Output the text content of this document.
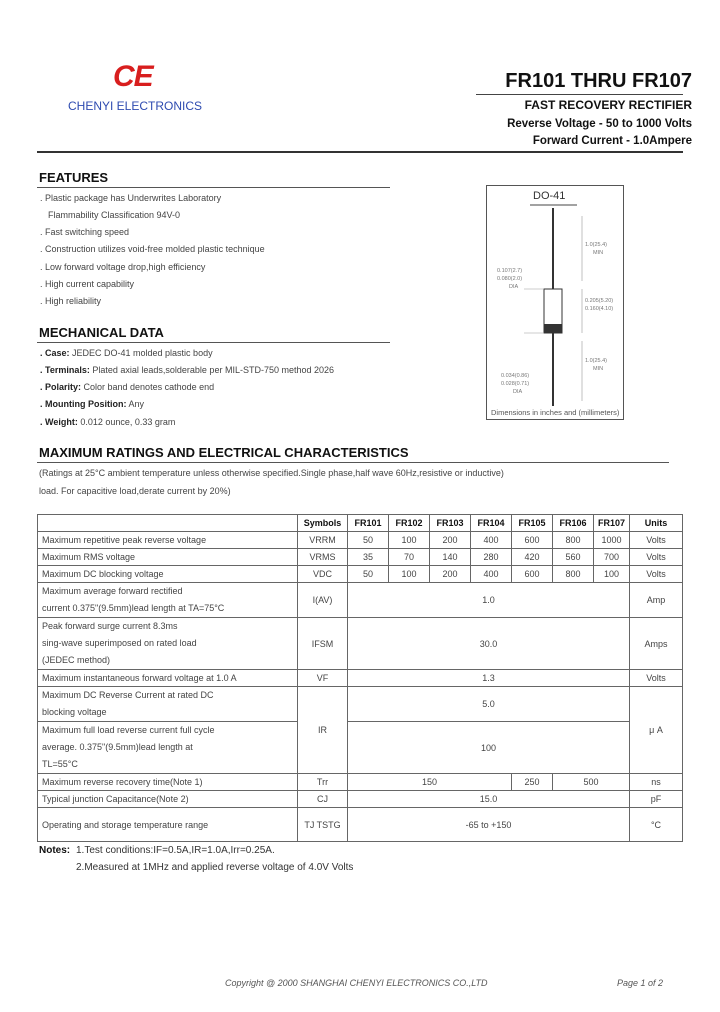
CE
CHENYI ELECTRONICS
FR101 THRU FR107
FAST RECOVERY RECTIFIER
Reverse Voltage - 50 to 1000 Volts
Forward Current - 1.0Ampere
FEATURES
. Plastic package has Underwrites Laboratory
Flammability Classification 94V-0
. Fast switching speed
. Construction utilizes void-free molded plastic technique
. Low forward voltage drop,high efficiency
. High current capability
. High reliability
MECHANICAL DATA
. Case: JEDEC DO-41 molded plastic body
. Terminals: Plated axial leads,solderable per MIL-STD-750 method 2026
. Polarity: Color band denotes cathode end
. Mounting Position: Any
. Weight: 0.012 ounce, 0.33 gram
DO-41
1.0(25.4)
MIN
0.107(2.7)
0.080(2.0)
DIA
0.205(5.20)
0.160(4.10)
1.0(25.4)
MIN
0.034(0.86)
0.028(0.71)
DIA
Dimensions in inches and (millimeters)
MAXIMUM RATINGS AND ELECTRICAL CHARACTERISTICS
(Ratings at 25°C ambient temperature unless otherwise specified.Single phase,half wave 60Hz,resistive or inductive)
load. For capacitive load,derate current by 20%)
	Symbols	FR101	FR102	FR103	FR104	FR105	FR106	FR107	Units
Maximum repetitive peak reverse voltage	VRRM	50	100	200	400	600	800	1000	Volts
Maximum RMS voltage	VRMS	35	70	140	280	420	560	700	Volts
Maximum DC blocking voltage	VDC	50	100	200	400	600	800	100	Volts
Maximum average forward rectified
current 0.375"(9.5mm)lead length at TA=75°C	I(AV)	1.0							Amp
Peak forward surge current 8.3ms
sing-wave superimposed on rated load
(JEDEC method)	IFSM	30.0							Amps
Maximum instantaneous forward voltage at 1.0 A	VF	1.3							Volts
Maximum DC Reverse Current at rated DC
blocking voltage	IR	5.0							μ A
Maximum full load reverse current full cycle
average. 0.375"(9.5mm)lead length at
TL=55°C		100							
Maximum reverse recovery time(Note 1)	Trr	150				250	500		ns
Typical junction Capacitance(Note 2)	CJ	15.0							pF
Operating and storage temperature range	TJ TSTG	-65 to +150							°C
Notes: 1.Test conditions:IF=0.5A,IR=1.0A,Irr=0.25A.
2.Measured at 1MHz and applied reverse voltage of 4.0V Volts
Copyright @ 2000 SHANGHAI CHENYI ELECTRONICS CO.,LTD	Page 1 of 2
